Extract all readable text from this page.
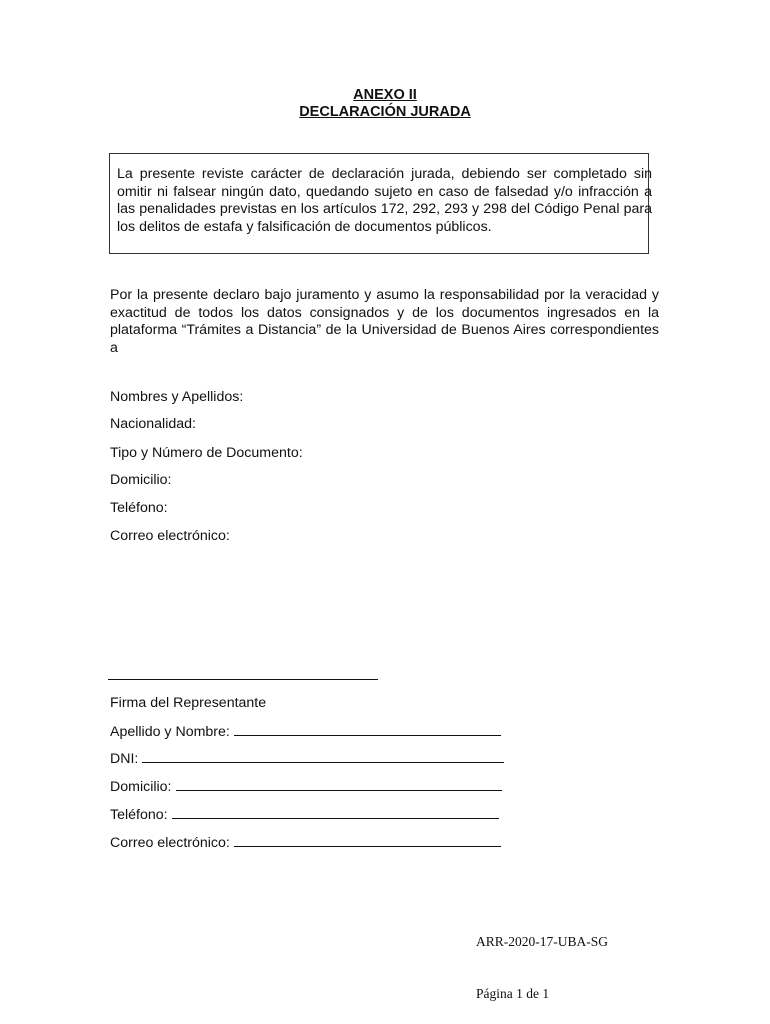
ANEXO II
DECLARACIÓN JURADA
La presente reviste carácter de declaración jurada, debiendo ser completado sin omitir ni falsear ningún dato, quedando sujeto en caso de falsedad y/o infracción a las penalidades previstas en los artículos 172, 292, 293 y 298 del Código Penal para los delitos de estafa y falsificación de documentos públicos.
Por la presente declaro bajo juramento y asumo la responsabilidad por la veracidad y exactitud de todos los datos consignados y de los documentos ingresados en la plataforma “Trámites a Distancia” de la Universidad de Buenos Aires correspondientes a
Nombres y Apellidos:
Nacionalidad:
Tipo y Número de Documento:
Domicilio:
Teléfono:
Correo electrónico:
Firma del Representante
Apellido y Nombre:
DNI:
Domicilio:
Teléfono:
Correo electrónico:
ARR-2020-17-UBA-SG
Página 1 de 1
